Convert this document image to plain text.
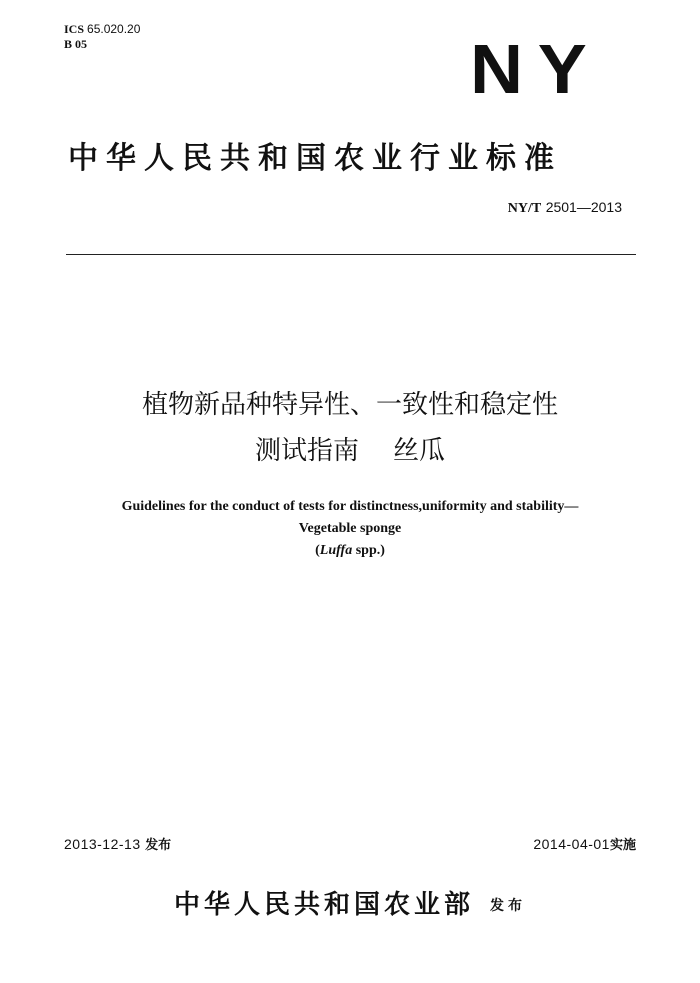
ICS 65.020.20
B 05	NY
中华人民共和国农业行业标准
NY/T 2501—2013
植物新品种特异性、一致性和稳定性
测试指南 丝瓜
Guidelines for the conduct of tests for distinctness,uniformity and stability—
Vegetable sponge
(Luffa spp.)
2013-12-13 发布	2014-04-01实施
中华人民共和国农业部 发布
